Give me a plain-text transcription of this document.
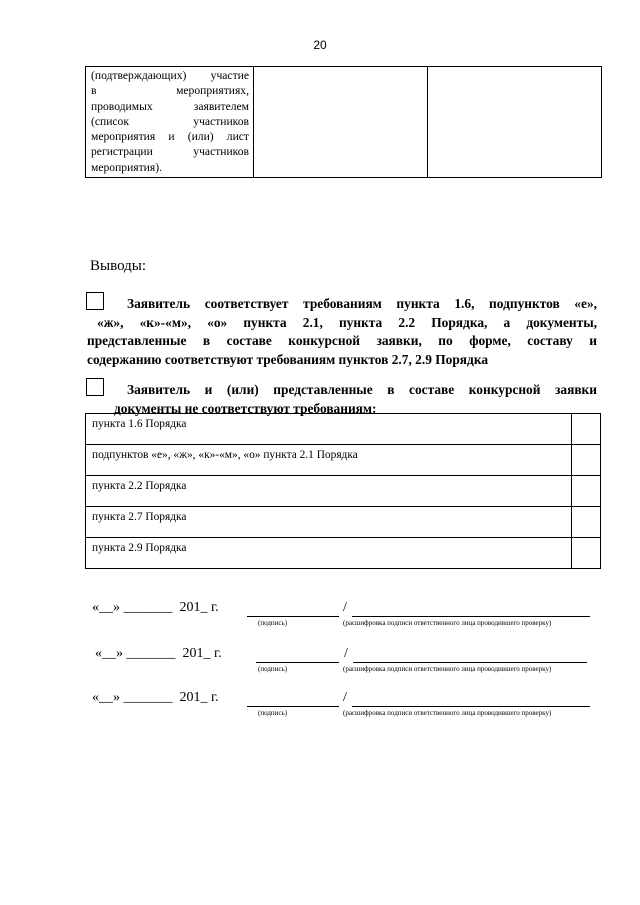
20
(подтверждающих) участие
в мероприятиях,
проводимых заявителем
(список участников
мероприятия и (или) лист
регистрации участников
мероприятия).

Выводы:
Заявитель соответствует требованиям пункта 1.6, подпунктов «е»,
«ж», «к»-«м», «о» пункта 2.1, пункта 2.2 Порядка, а документы,
представленные в составе конкурсной заявки, по форме, составу и
содержанию соответствуют требованиям пунктов 2.7, 2.9 Порядка
Заявитель и (или) представленные в составе конкурсной заявки
документы не соответствуют требованиям:
пункта 1.6 Порядка	
подпунктов «е», «ж», «к»-«м», «о» пункта 2.1 Порядка	
пункта 2.2 Порядка	
пункта 2.7 Порядка	
пункта 2.9 Порядка	
«__» _______  201_ г.	/
(подпись)	(расшифровка подписи ответственного лица проводившего проверку)
«__» _______  201_ г.	/
(подпись)	(расшифровка подписи ответственного лица проводившего проверку)
«__» _______  201_ г.	/
(подпись)	(расшифровка подписи ответственного лица проводившего проверку)
